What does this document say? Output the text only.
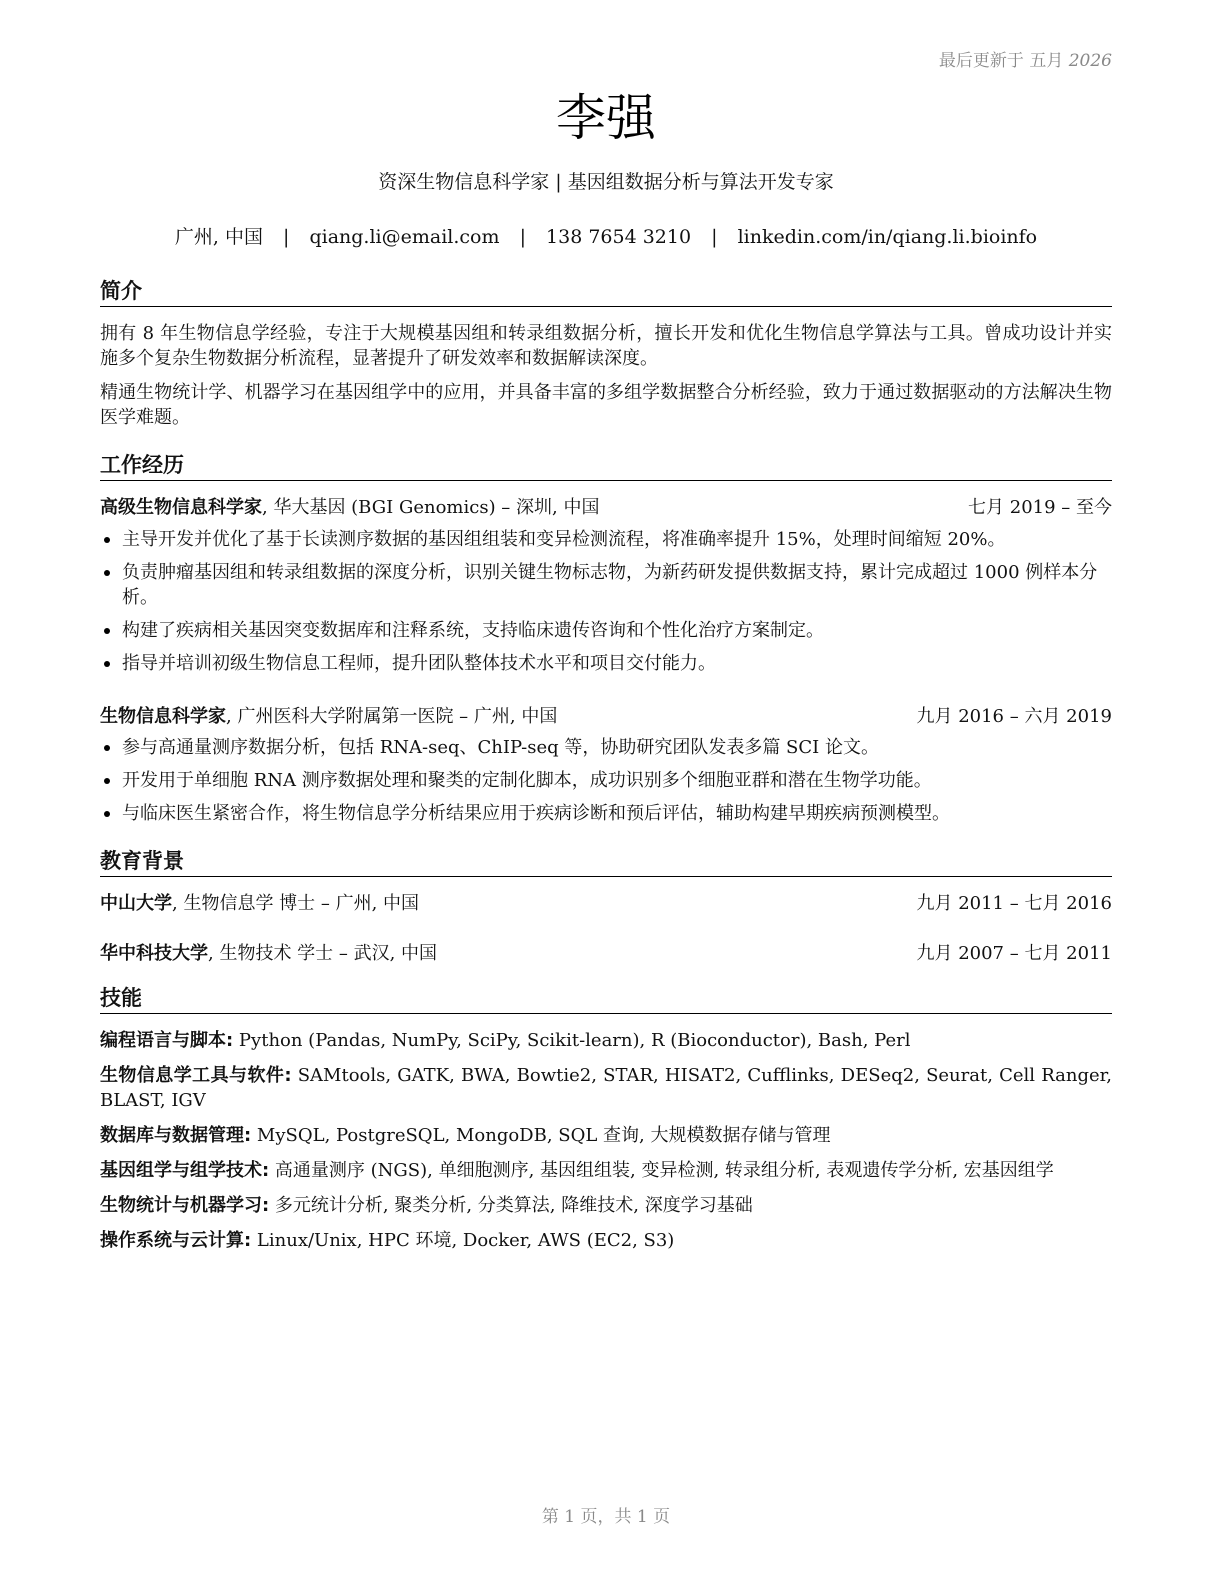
最后更新于 五月 2026
李强
资深生物信息科学家 | 基因组数据分析与算法开发专家
广州, 中国 | qiang.li@email.com | 138 7654 3210 | linkedin.com/in/qiang.li.bioinfo
简介

拥有 8 年生物信息学经验，专注于大规模基因组和转录组数据分析，擅长开发和优化生物信息学算法与工具。曾成功设计并实施多个复杂生物数据分析流程，显著提升了研发效率和数据解读深度。

精通生物统计学、机器学习在基因组学中的应用，并具备丰富的多组学数据整合分析经验，致力于通过数据驱动的方法解决生物医学难题。

工作经历
高级生物信息科学家, 华大基因 (BGI Genomics) – 深圳, 中国	七月 2019 – 至今
主导开发并优化了基于长读测序数据的基因组组装和变异检测流程，将准确率提升 15%，处理时间缩短 20%。
负责肿瘤基因组和转录组数据的深度分析，识别关键生物标志物，为新药研发提供数据支持，累计完成超过 1000 例样本分析。
构建了疾病相关基因突变数据库和注释系统，支持临床遗传咨询和个性化治疗方案制定。
指导并培训初级生物信息工程师，提升团队整体技术水平和项目交付能力。
生物信息科学家, 广州医科大学附属第一医院 – 广州, 中国	九月 2016 – 六月 2019
参与高通量测序数据分析，包括 RNA-seq、ChIP-seq 等，协助研究团队发表多篇 SCI 论文。
开发用于单细胞 RNA 测序数据处理和聚类的定制化脚本，成功识别多个细胞亚群和潜在生物学功能。
与临床医生紧密合作，将生物信息学分析结果应用于疾病诊断和预后评估，辅助构建早期疾病预测模型。
教育背景
中山大学, 生物信息学 博士 – 广州, 中国	九月 2011 – 七月 2016
华中科技大学, 生物技术 学士 – 武汉, 中国	九月 2007 – 七月 2011
技能
编程语言与脚本: Python (Pandas, NumPy, SciPy, Scikit-learn), R (Bioconductor), Bash, Perl
生物信息学工具与软件: SAMtools, GATK, BWA, Bowtie2, STAR, HISAT2, Cufflinks, DESeq2, Seurat, Cell Ranger, BLAST, IGV
数据库与数据管理: MySQL, PostgreSQL, MongoDB, SQL 查询, 大规模数据存储与管理
基因组学与组学技术: 高通量测序 (NGS), 单细胞测序, 基因组组装, 变异检测, 转录组分析, 表观遗传学分析, 宏基因组学
生物统计与机器学习: 多元统计分析, 聚类分析, 分类算法, 降维技术, 深度学习基础
操作系统与云计算: Linux/Unix, HPC 环境, Docker, AWS (EC2, S3)
第 1 页，共 1 页
